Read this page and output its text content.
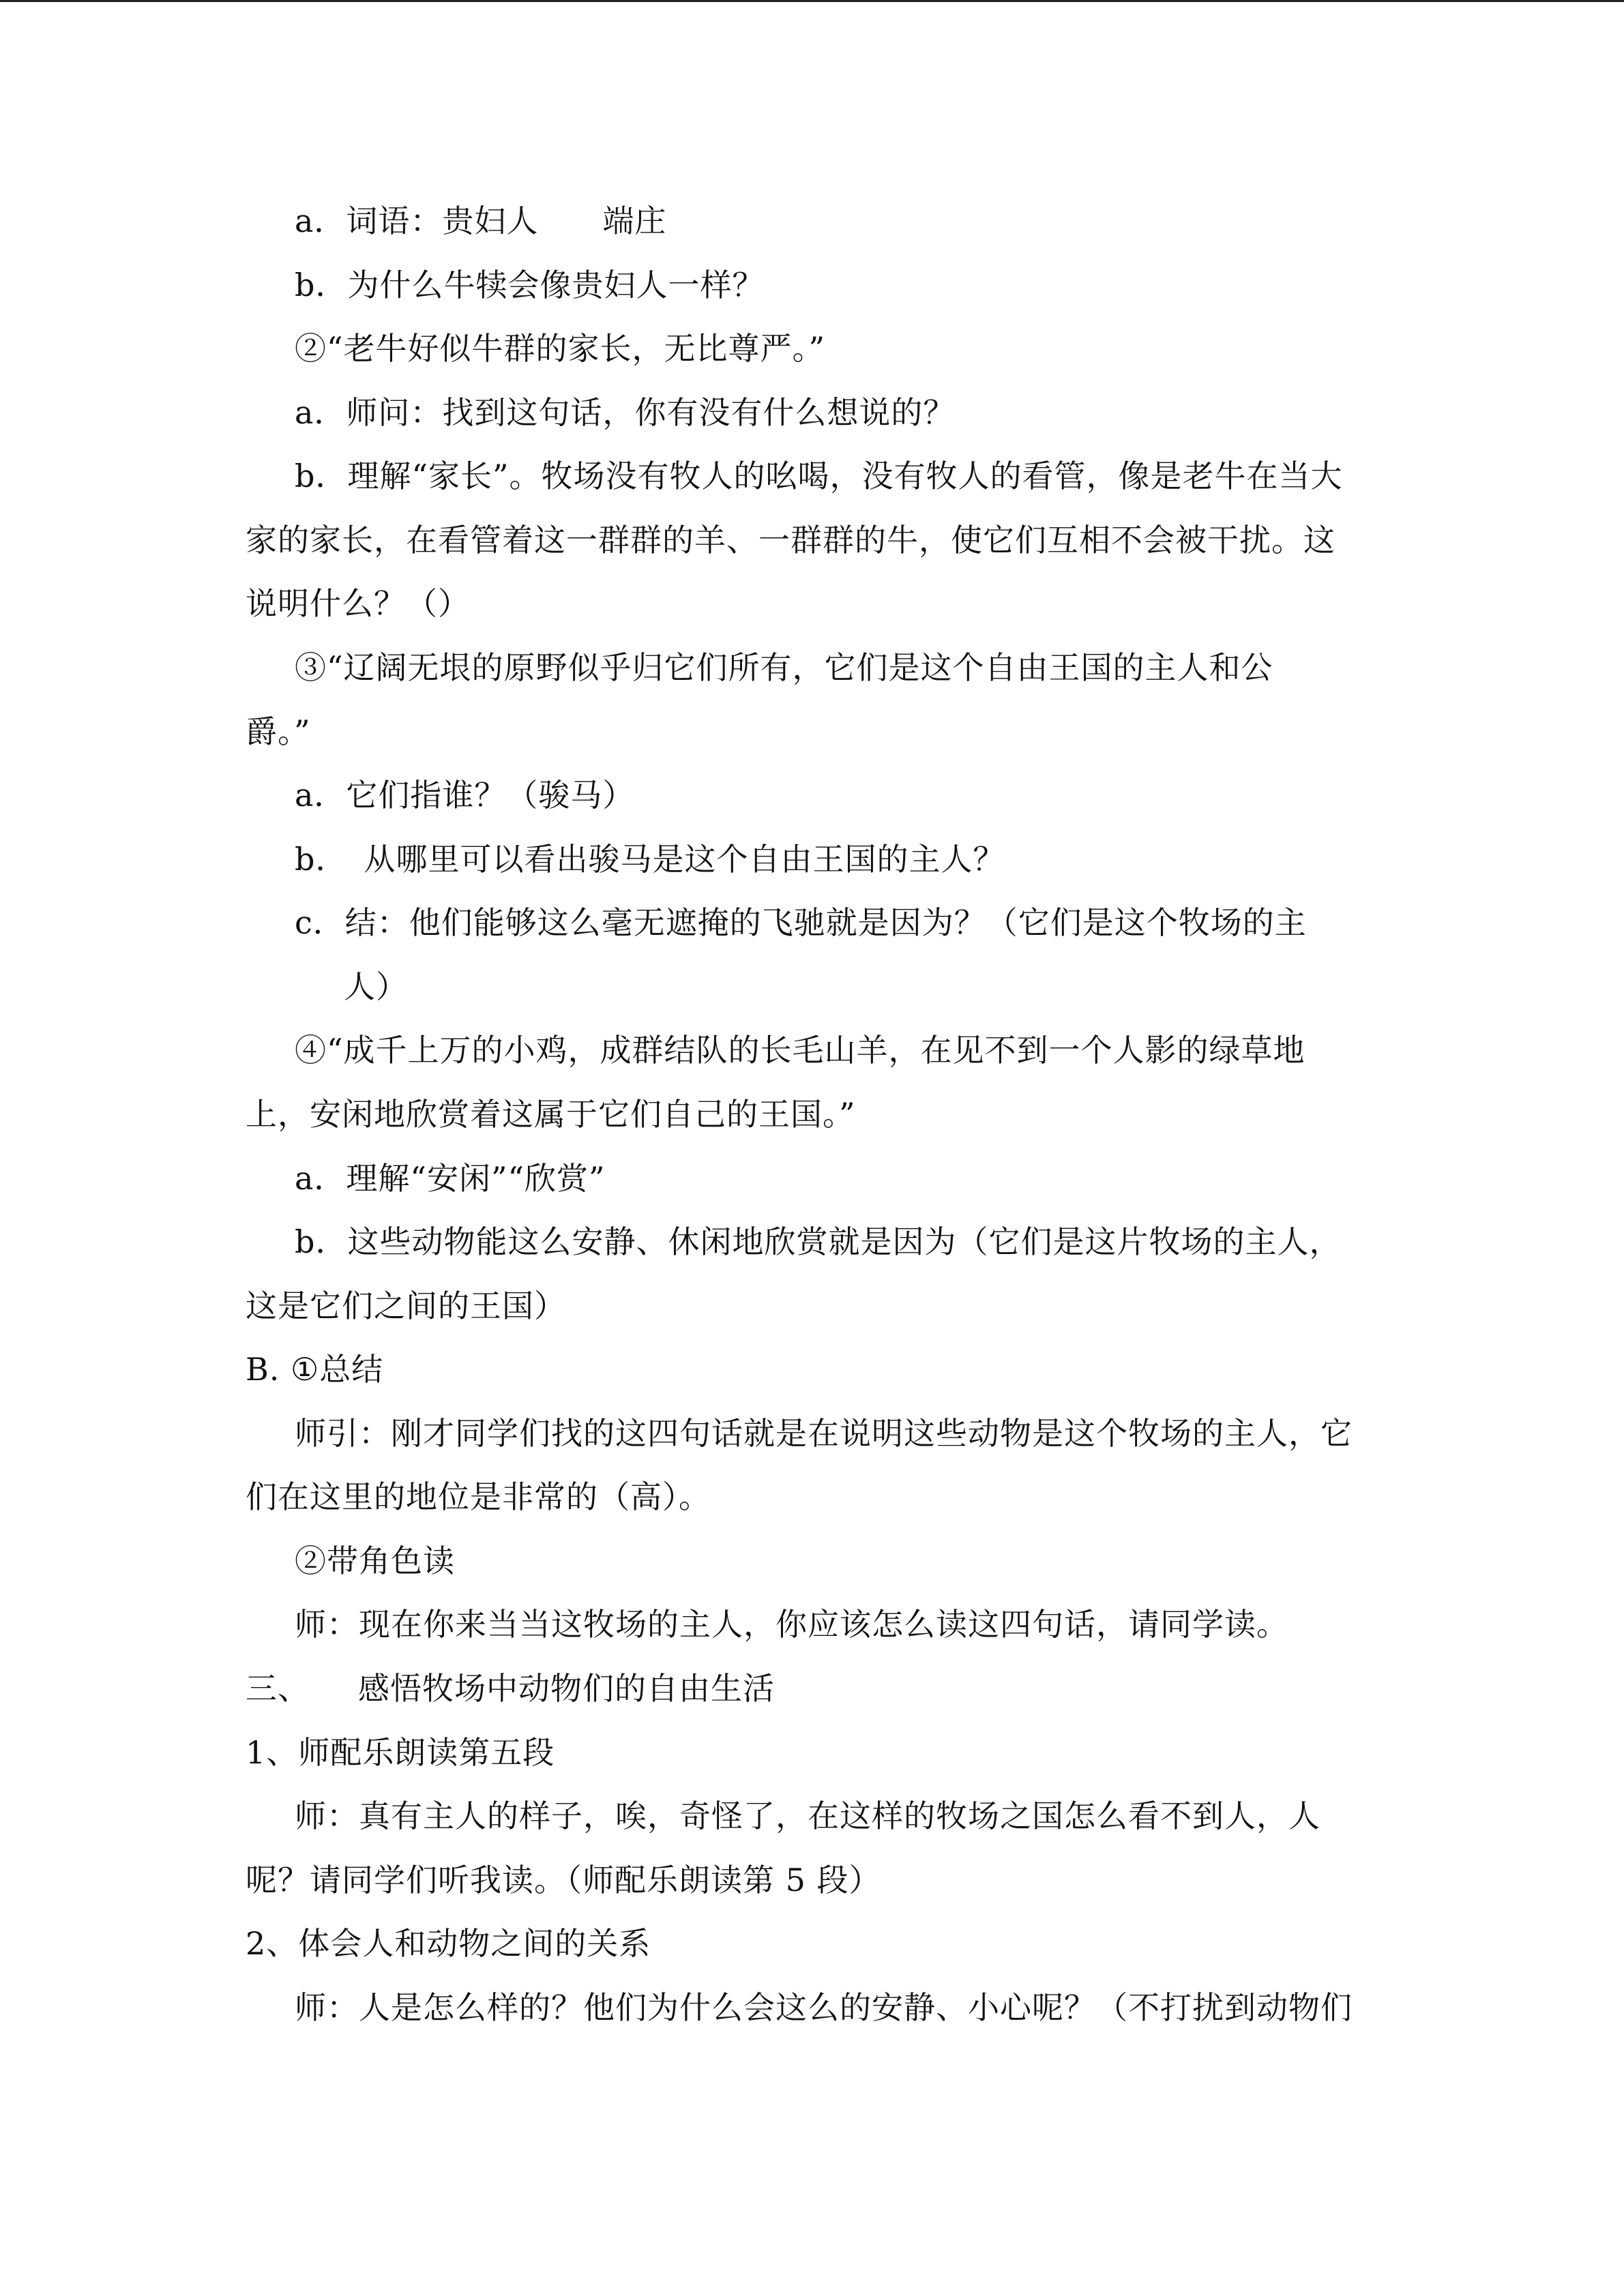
a．词语：贵妇人　　端庄
b．为什么牛犊会像贵妇人一样？
②“老牛好似牛群的家长，无比尊严。”
a．师问：找到这句话，你有没有什么想说的？
b．理解“家长”。牧场没有牧人的吆喝，没有牧人的看管，像是老牛在当大
家的家长，在看管着这一群群的羊、一群群的牛，使它们互相不会被干扰。这
说明什么？（）
③“辽阔无垠的原野似乎归它们所有，它们是这个自由王国的主人和公
爵。”
a．它们指谁？（骏马）
b．　从哪里可以看出骏马是这个自由王国的主人？
c．结：他们能够这么毫无遮掩的飞驰就是因为？（它们是这个牧场的主
人）
④“成千上万的小鸡，成群结队的长毛山羊，在见不到一个人影的绿草地
上，安闲地欣赏着这属于它们自己的王国。”
a．理解“安闲”“欣赏”
b．这些动物能这么安静、休闲地欣赏就是因为（它们是这片牧场的主人，
这是它们之间的王国）
B. ①总结
师引：刚才同学们找的这四句话就是在说明这些动物是这个牧场的主人，它
们在这里的地位是非常的（高）。
②带角色读
师：现在你来当当这牧场的主人，你应该怎么读这四句话，请同学读。
三、　　感悟牧场中动物们的自由生活
1、师配乐朗读第五段
师：真有主人的样子，唉，奇怪了，在这样的牧场之国怎么看不到人，人
呢？请同学们听我读。（师配乐朗读第 5 段）
2、体会人和动物之间的关系
师：人是怎么样的？他们为什么会这么的安静、小心呢？（不打扰到动物们
